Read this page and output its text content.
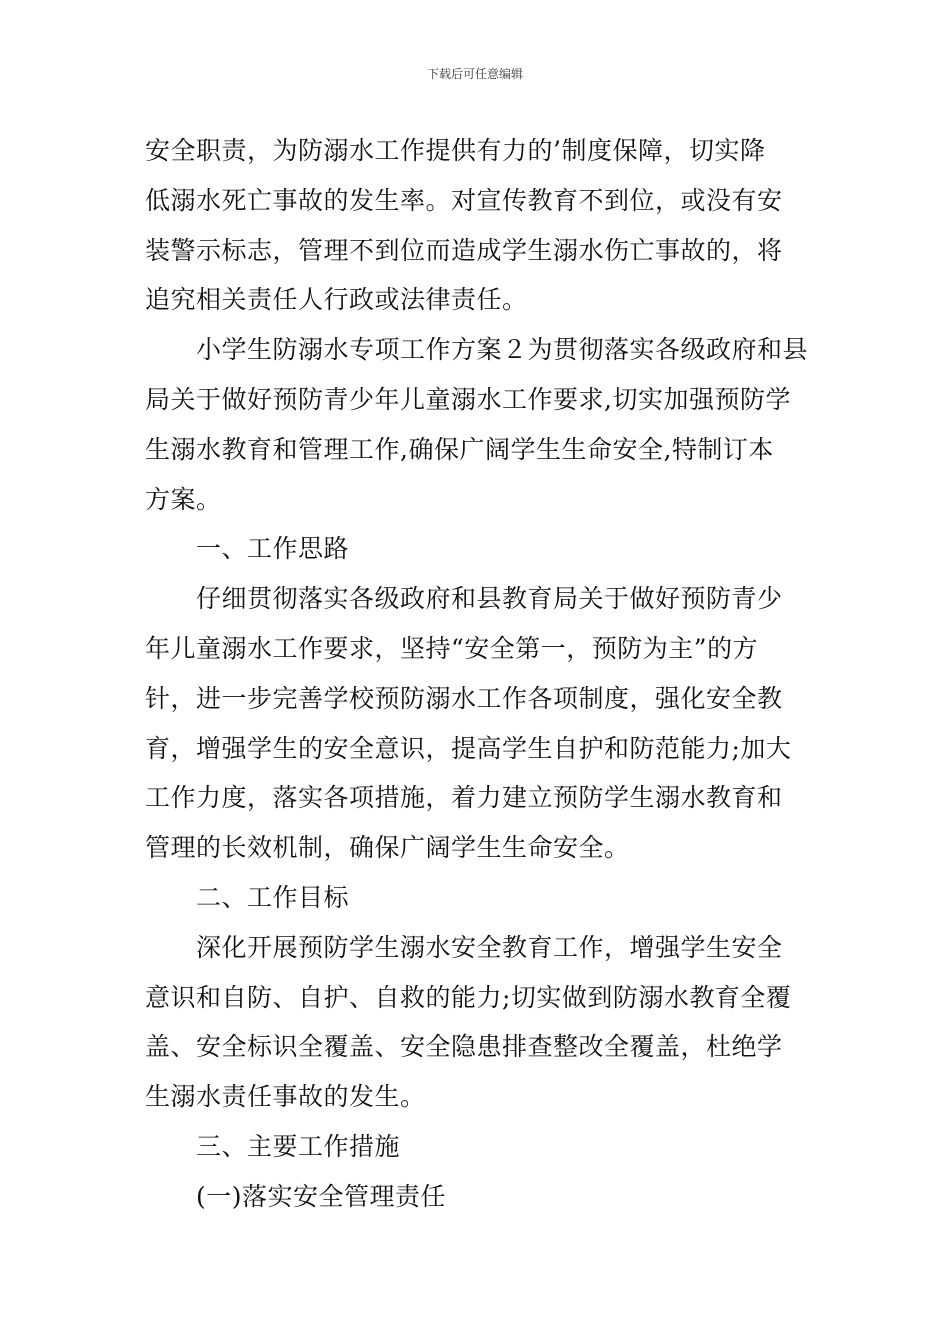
下载后可任意编辑
安全职责，为防溺水工作提供有力的’制度保障，切实降
低溺水死亡事故的发生率。对宣传教育不到位，或没有安
装警示标志，管理不到位而造成学生溺水伤亡事故的，将
追究相关责任人行政或法律责任。
小学生防溺水专项工作方案２为贯彻落实各级政府和县
局关于做好预防青少年儿童溺水工作要求,切实加强预防学
生溺水教育和管理工作,确保广阔学生生命安全,特制订本
方案。
一、工作思路
仔细贯彻落实各级政府和县教育局关于做好预防青少
年儿童溺水工作要求，坚持“安全第一，预防为主”的方
针，进一步完善学校预防溺水工作各项制度，强化安全教
育，增强学生的安全意识，提高学生自护和防范能力;加大
工作力度，落实各项措施，着力建立预防学生溺水教育和
管理的长效机制，确保广阔学生生命安全。
二、工作目标
深化开展预防学生溺水安全教育工作，增强学生安全
意识和自防、自护、自救的能力;切实做到防溺水教育全覆
盖、安全标识全覆盖、安全隐患排查整改全覆盖，杜绝学
生溺水责任事故的发生。
三、主要工作措施
(一)落实安全管理责任
